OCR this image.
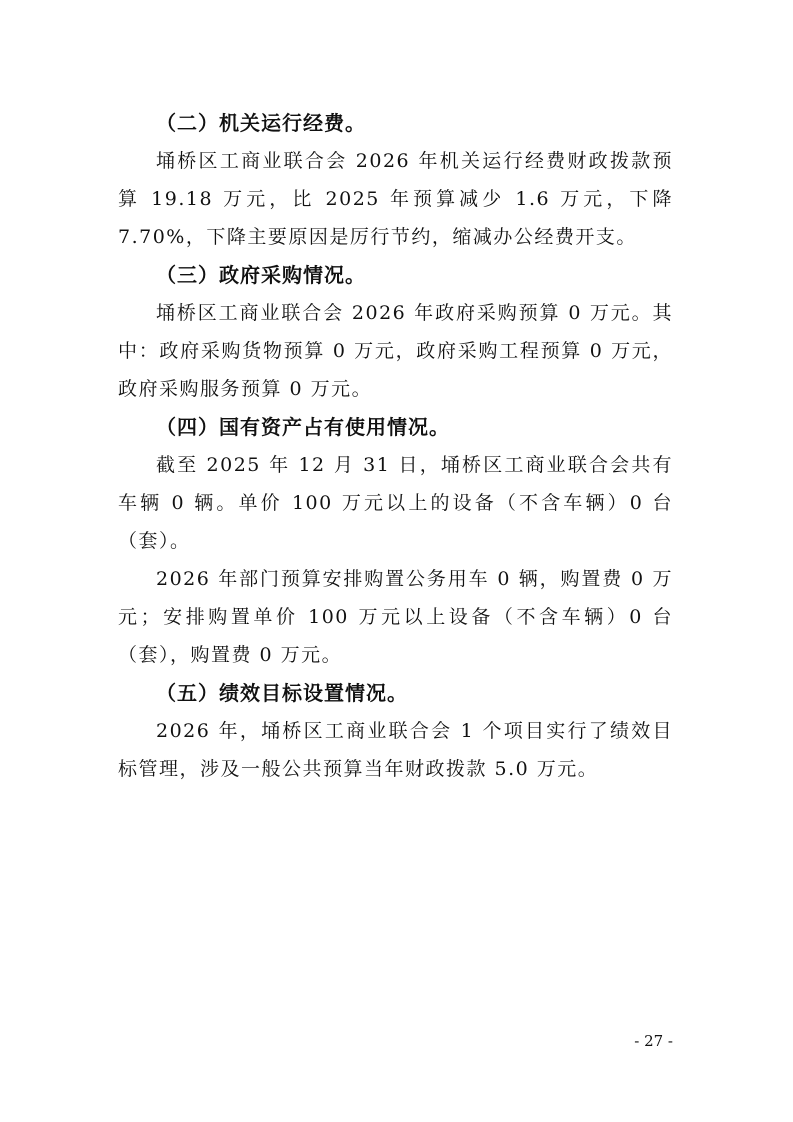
（二）机关运行经费。

埇桥区工商业联合会 2026 年机关运行经费财政拨款预算 19.18 万元，比 2025 年预算减少 1.6 万元，下降 7.70%，下降主要原因是厉行节约，缩减办公经费开支。

（三）政府采购情况。

埇桥区工商业联合会 2026 年政府采购预算 0 万元。其中：政府采购货物预算 0 万元，政府采购工程预算 0 万元，政府采购服务预算 0 万元。

（四）国有资产占有使用情况。

截至 2025 年 12 月 31 日，埇桥区工商业联合会共有车辆 0 辆。单价 100 万元以上的设备（不含车辆）0 台（套）。

2026 年部门预算安排购置公务用车 0 辆，购置费 0 万元；安排购置单价 100 万元以上设备（不含车辆）0 台（套），购置费 0 万元。

（五）绩效目标设置情况。

2026 年，埇桥区工商业联合会 1 个项目实行了绩效目标管理，涉及一般公共预算当年财政拨款 5.0 万元。

- 27 -
